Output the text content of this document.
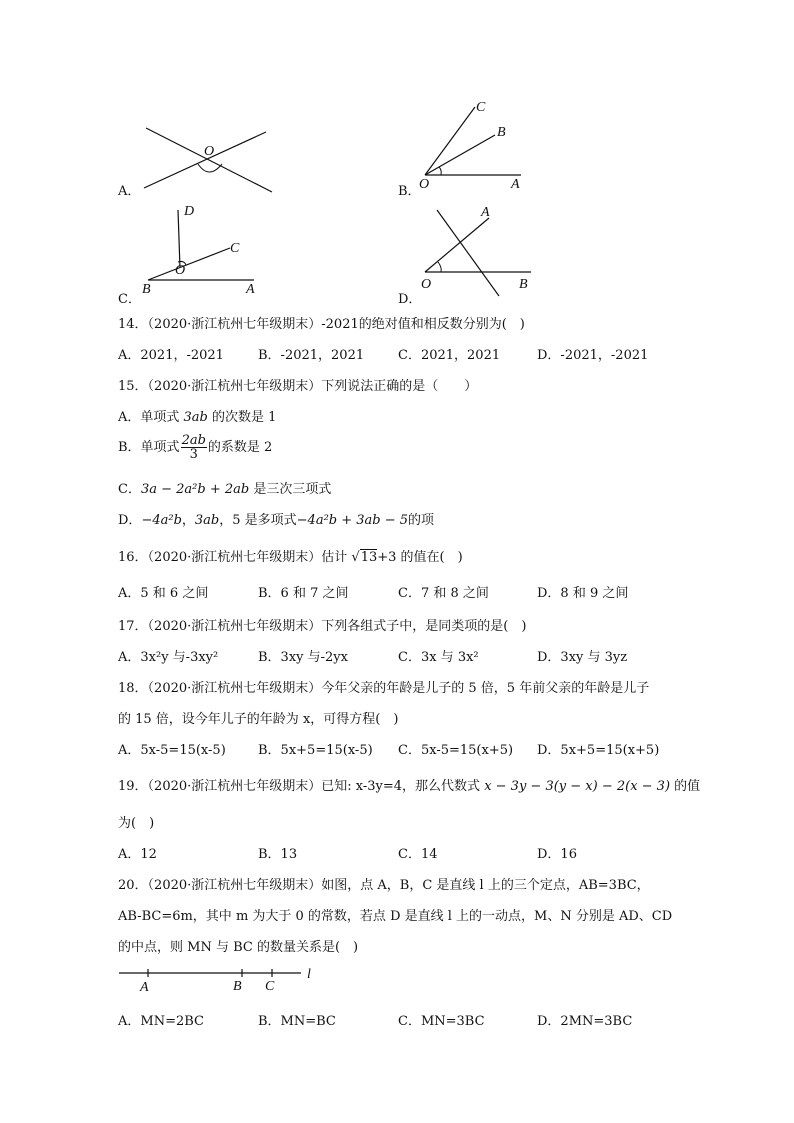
A．
O
B．
C
B
O	A
C．
D
C
O
B	A
D．
A
O	B
14．（2020·浙江杭州七年级期末）-2021的绝对值和相反数分别为(　)
A．2021，-2021	B．-2021，2021	C．2021，2021	D．-2021，-2021
15．（2020·浙江杭州七年级期末）下列说法正确的是（　　）
A．单项式 3ab 的次数是 1
B．单项式 $\frac{2ab}{3}$ 的系数是 2
C．3a − 2a²b + 2ab 是三次三项式
D．−4a²b，3ab，5 是多项式−4a²b + 3ab − 5的项
16．（2020·浙江杭州七年级期末）估计 √13+3 的值在(　)
A．5 和 6 之间	B．6 和 7 之间	C．7 和 8 之间	D．8 和 9 之间
17．（2020·浙江杭州七年级期末）下列各组式子中，是同类项的是(　)
A．3x²y 与-3xy²	B．3xy 与-2yx	C．3x 与 3x²	D．3xy 与 3yz
18．（2020·浙江杭州七年级期末）今年父亲的年龄是儿子的 5 倍，5 年前父亲的年龄是儿子
的 15 倍，设今年儿子的年龄为 x，可得方程(　)
A．5x-5=15(x-5) B．5x+5=15(x-5) C．5x-5=15(x+5) D．5x+5=15(x+5)
19．（2020·浙江杭州七年级期末）已知: x-3y=4，那么代数式 x − 3y − 3(y − x) − 2(x − 3) 的值
为(　)
A．12	B．13	C．14	D．16
20．（2020·浙江杭州七年级期末）如图，点 A，B，C 是直线 l 上的三个定点，AB=3BC，
AB-BC=6m，其中 m 为大于 0 的常数，若点 D 是直线 l 上的一动点，M、N 分别是 AD、CD
的中点，则 MN 与 BC 的数量关系是(　)
A	B C
l
A．MN=2BC	B．MN=BC	C．MN=3BC	D．2MN=3BC
